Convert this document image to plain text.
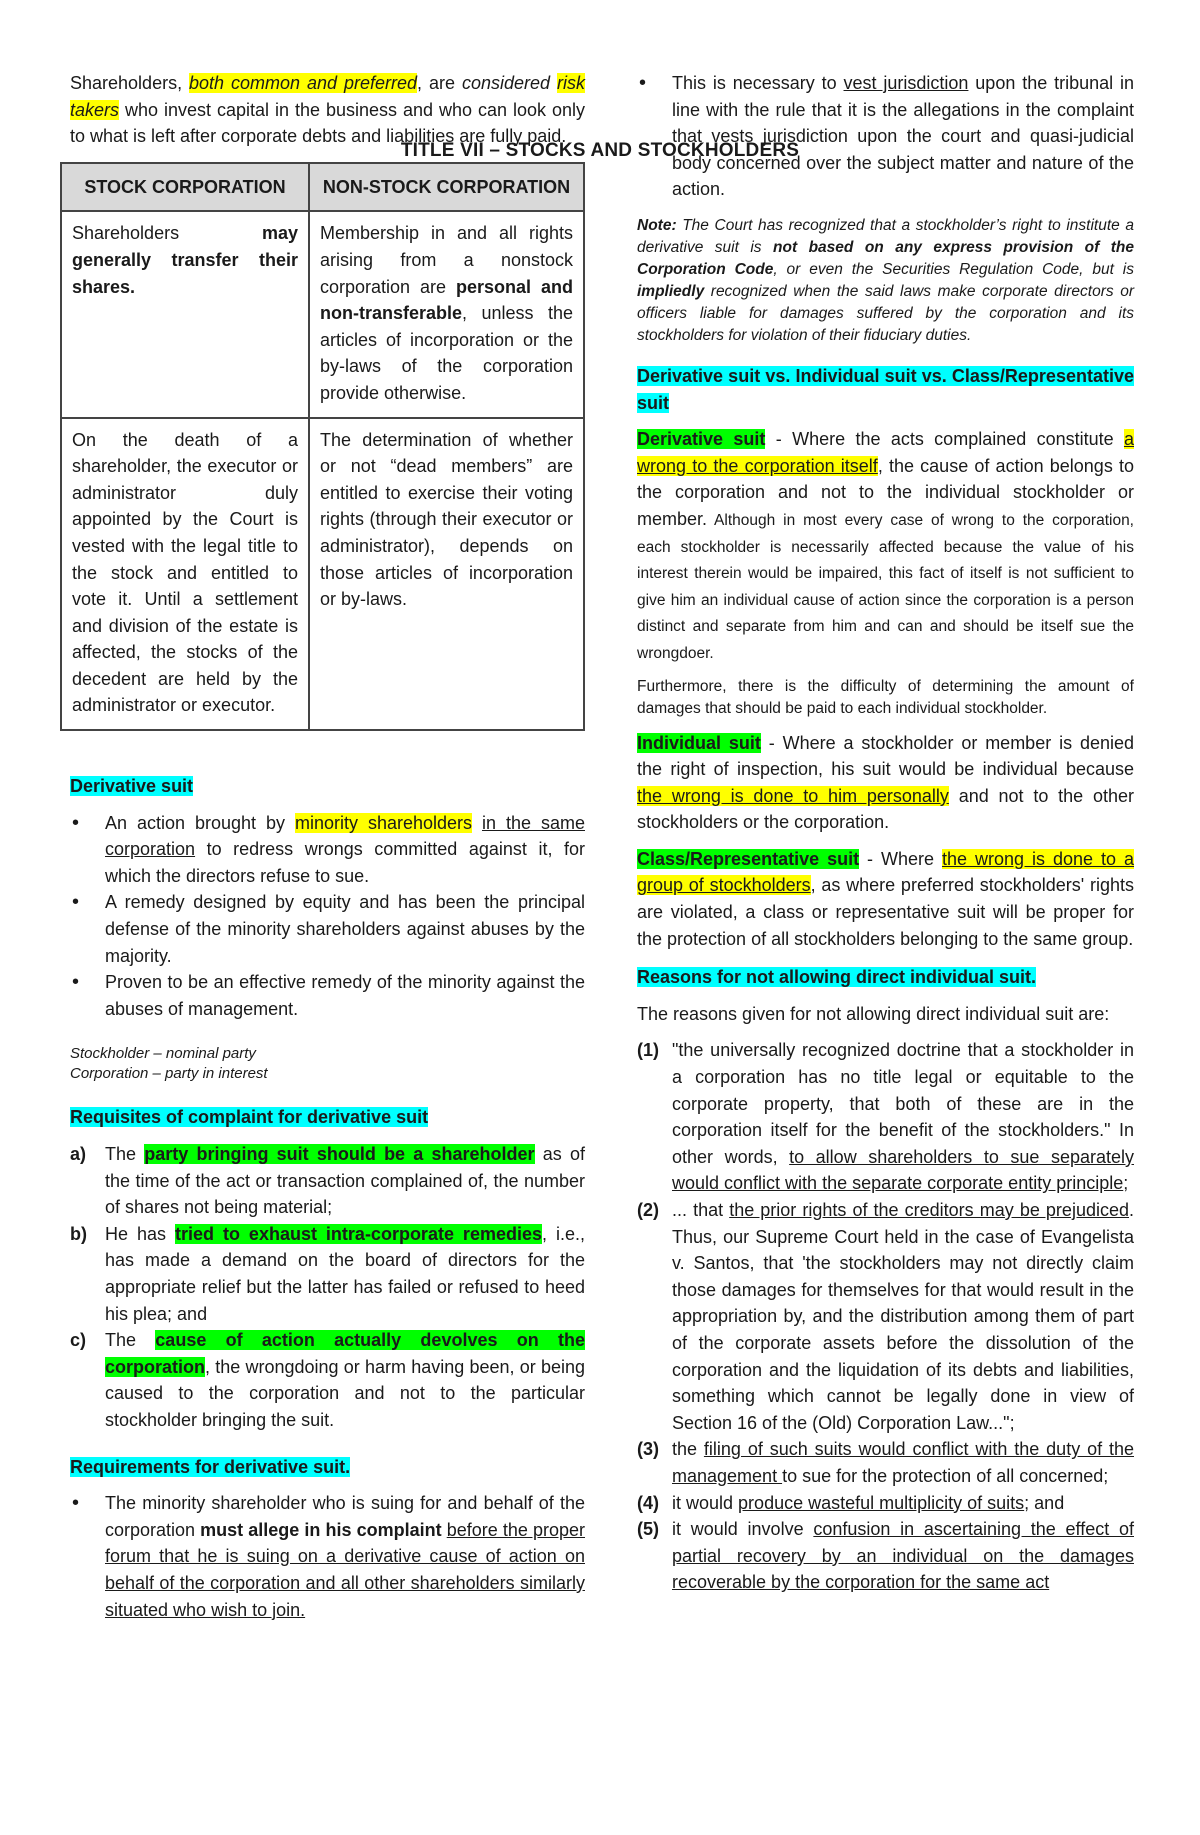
TITLE VII – STOCKS AND STOCKHOLDERS

Shareholders, both common and preferred, are considered risk takers who invest capital in the business and who can look only to what is left after corporate debts and liabilities are fully paid.

STOCK CORPORATION	NON-STOCK CORPORATION
Shareholders may generally transfer their shares.	Membership in and all rights arising from a nonstock corporation are personal and non-transferable, unless the articles of incorporation or the by-laws of the corporation provide otherwise.
On the death of a shareholder, the executor or administrator duly appointed by the Court is vested with the legal title to the stock and entitled to vote it. Until a settlement and division of the estate is affected, the stocks of the decedent are held by the administrator or executor.	The determination of whether or not “dead members” are entitled to exercise their voting rights (through their executor or administrator), depends on those articles of incorporation or by-laws.

Derivative suit

• An action brought by minority shareholders in the same corporation to redress wrongs committed against it, for which the directors refuse to sue.
• A remedy designed by equity and has been the principal defense of the minority shareholders against abuses by the majority.
• Proven to be an effective remedy of the minority against the abuses of management.

Stockholder – nominal party

Corporation – party in interest

Requisites of complaint for derivative suit

a) The party bringing suit should be a shareholder as of the time of the act or transaction complained of, the number of shares not being material;
b) He has tried to exhaust intra-corporate remedies, i.e., has made a demand on the board of directors for the appropriate relief but the latter has failed or refused to heed his plea; and
c) The cause of action actually devolves on the corporation, the wrongdoing or harm having been, or being caused to the corporation and not to the particular stockholder bringing the suit.

Requirements for derivative suit.

• The minority shareholder who is suing for and behalf of the corporation must allege in his complaint before the proper forum that he is suing on a derivative cause of action on behalf of the corporation and all other shareholders similarly situated who wish to join.
• This is necessary to vest jurisdiction upon the tribunal in line with the rule that it is the allegations in the complaint that vests jurisdiction upon the court and quasi-judicial body concerned over the subject matter and nature of the action.

Note: The Court has recognized that a stockholder’s right to institute a derivative suit is not based on any express provision of the Corporation Code, or even the Securities Regulation Code, but is impliedly recognized when the said laws make corporate directors or officers liable for damages suffered by the corporation and its stockholders for violation of their fiduciary duties.

Derivative suit vs. Individual suit vs. Class/Representative suit

Derivative suit - Where the acts complained constitute a wrong to the corporation itself, the cause of action belongs to the corporation and not to the individual stockholder or member. Although in most every case of wrong to the corporation, each stockholder is necessarily affected because the value of his interest therein would be impaired, this fact of itself is not sufficient to give him an individual cause of action since the corporation is a person distinct and separate from him and can and should be itself sue the wrongdoer.

Furthermore, there is the difficulty of determining the amount of damages that should be paid to each individual stockholder.

Individual suit - Where a stockholder or member is denied the right of inspection, his suit would be individual because the wrong is done to him personally and not to the other stockholders or the corporation.

Class/Representative suit - Where the wrong is done to a group of stockholders, as where preferred stockholders' rights are violated, a class or representative suit will be proper for the protection of all stockholders belonging to the same group.

Reasons for not allowing direct individual suit.

The reasons given for not allowing direct individual suit are:

(1) "the universally recognized doctrine that a stockholder in a corporation has no title legal or equitable to the corporate property, that both of these are in the corporation itself for the benefit of the stockholders." In other words, to allow shareholders to sue separately would conflict with the separate corporate entity principle;
(2) ... that the prior rights of the creditors may be prejudiced. Thus, our Supreme Court held in the case of Evangelista v. Santos, that 'the stockholders may not directly claim those damages for themselves for that would result in the appropriation by, and the distribution among them of part of the corporate assets before the dissolution of the corporation and the liquidation of its debts and liabilities, something which cannot be legally done in view of Section 16 of the (Old) Corporation Law...";
(3) the filing of such suits would conflict with the duty of the management to sue for the protection of all concerned;
(4) it would produce wasteful multiplicity of suits; and
(5) it would involve confusion in ascertaining the effect of partial recovery by an individual on the damages recoverable by the corporation for the same act
